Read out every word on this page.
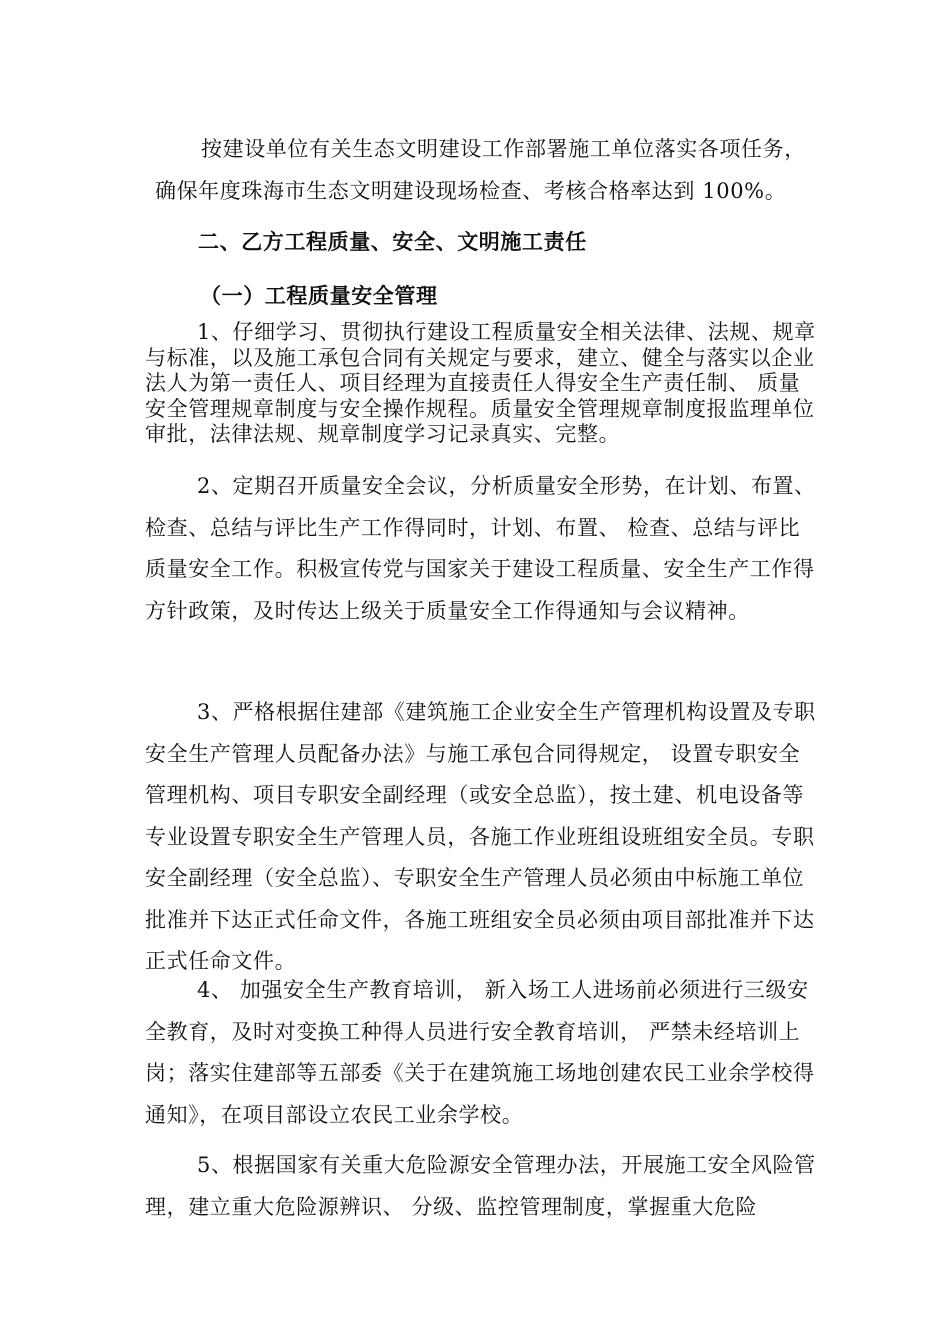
按建设单位有关生态文明建设工作部署施工单位落实各项任务，
确保年度珠海市生态文明建设现场检查、考核合格率达到 100%。

二、乙方工程质量、安全、文明施工责任
（一）工程质量安全管理

1、仔细学习、贯彻执行建设工程质量安全相关法律、法规、规章与标准，以及施工承包合同有关规定与要求，建立、健全与落实以企业法人为第一责任人、项目经理为直接责任人得安全生产责任制、 质量安全管理规章制度与安全操作规程。质量安全管理规章制度报监理单位审批，法律法规、规章制度学习记录真实、完整。

2、定期召开质量安全会议，分析质量安全形势，在计划、布置、检查、总结与评比生产工作得同时，计划、布置、 检查、总结与评比质量安全工作。积极宣传党与国家关于建设工程质量、安全生产工作得方针政策，及时传达上级关于质量安全工作得通知与会议精神。

3、严格根据住建部《建筑施工企业安全生产管理机构设置及专职安全生产管理人员配备办法》与施工承包合同得规定， 设置专职安全管理机构、项目专职安全副经理（或安全总监），按土建、机电设备等专业设置专职安全生产管理人员，各施工作业班组设班组安全员。专职安全副经理（安全总监）、专职安全生产管理人员必须由中标施工单位批准并下达正式任命文件，各施工班组安全员必须由项目部批准并下达正式任命文件。

4、 加强安全生产教育培训， 新入场工人进场前必须进行三级安全教育，及时对变换工种得人员进行安全教育培训， 严禁未经培训上岗；落实住建部等五部委《关于在建筑施工场地创建农民工业余学校得通知》，在项目部设立农民工业余学校。

5、根据国家有关重大危险源安全管理办法，开展施工安全风险管理，建立重大危险源辨识、 分级、监控管理制度，掌握重大危险
